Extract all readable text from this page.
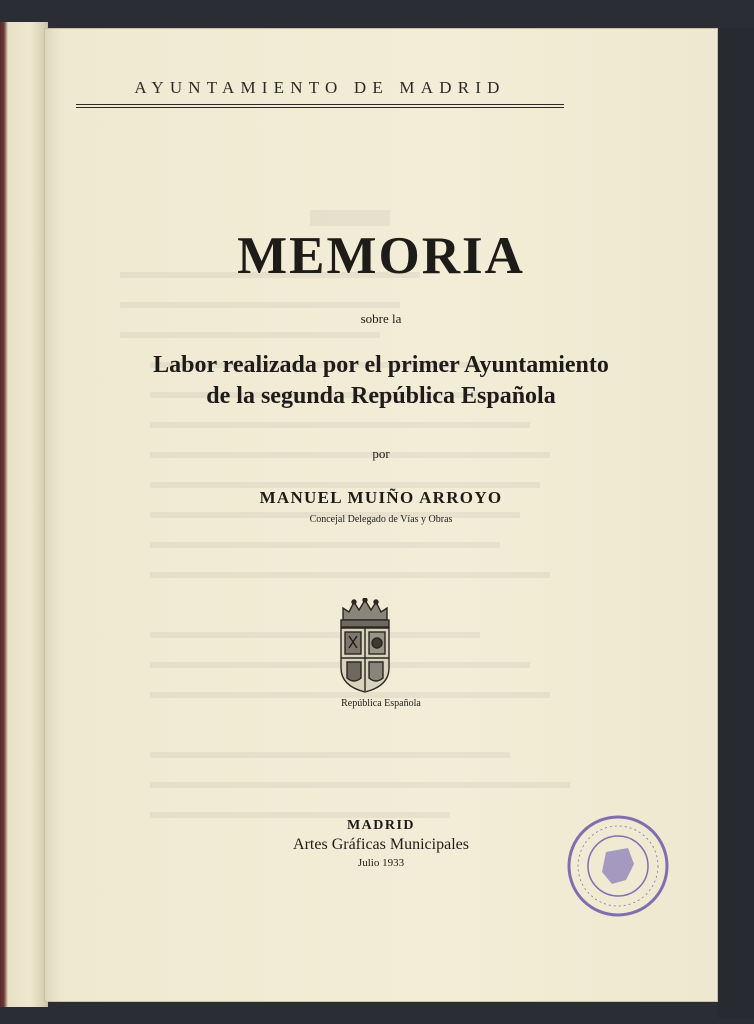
AYUNTAMIENTO DE MADRID
MEMORIA
sobre la
Labor realizada por el primer Ayuntamiento
de la segunda República Española
por
MANUEL MUIÑO ARROYO
Concejal Delegado de Vías y Obras
República Española
MADRID
Artes Gráficas Municipales
Julio 1933
